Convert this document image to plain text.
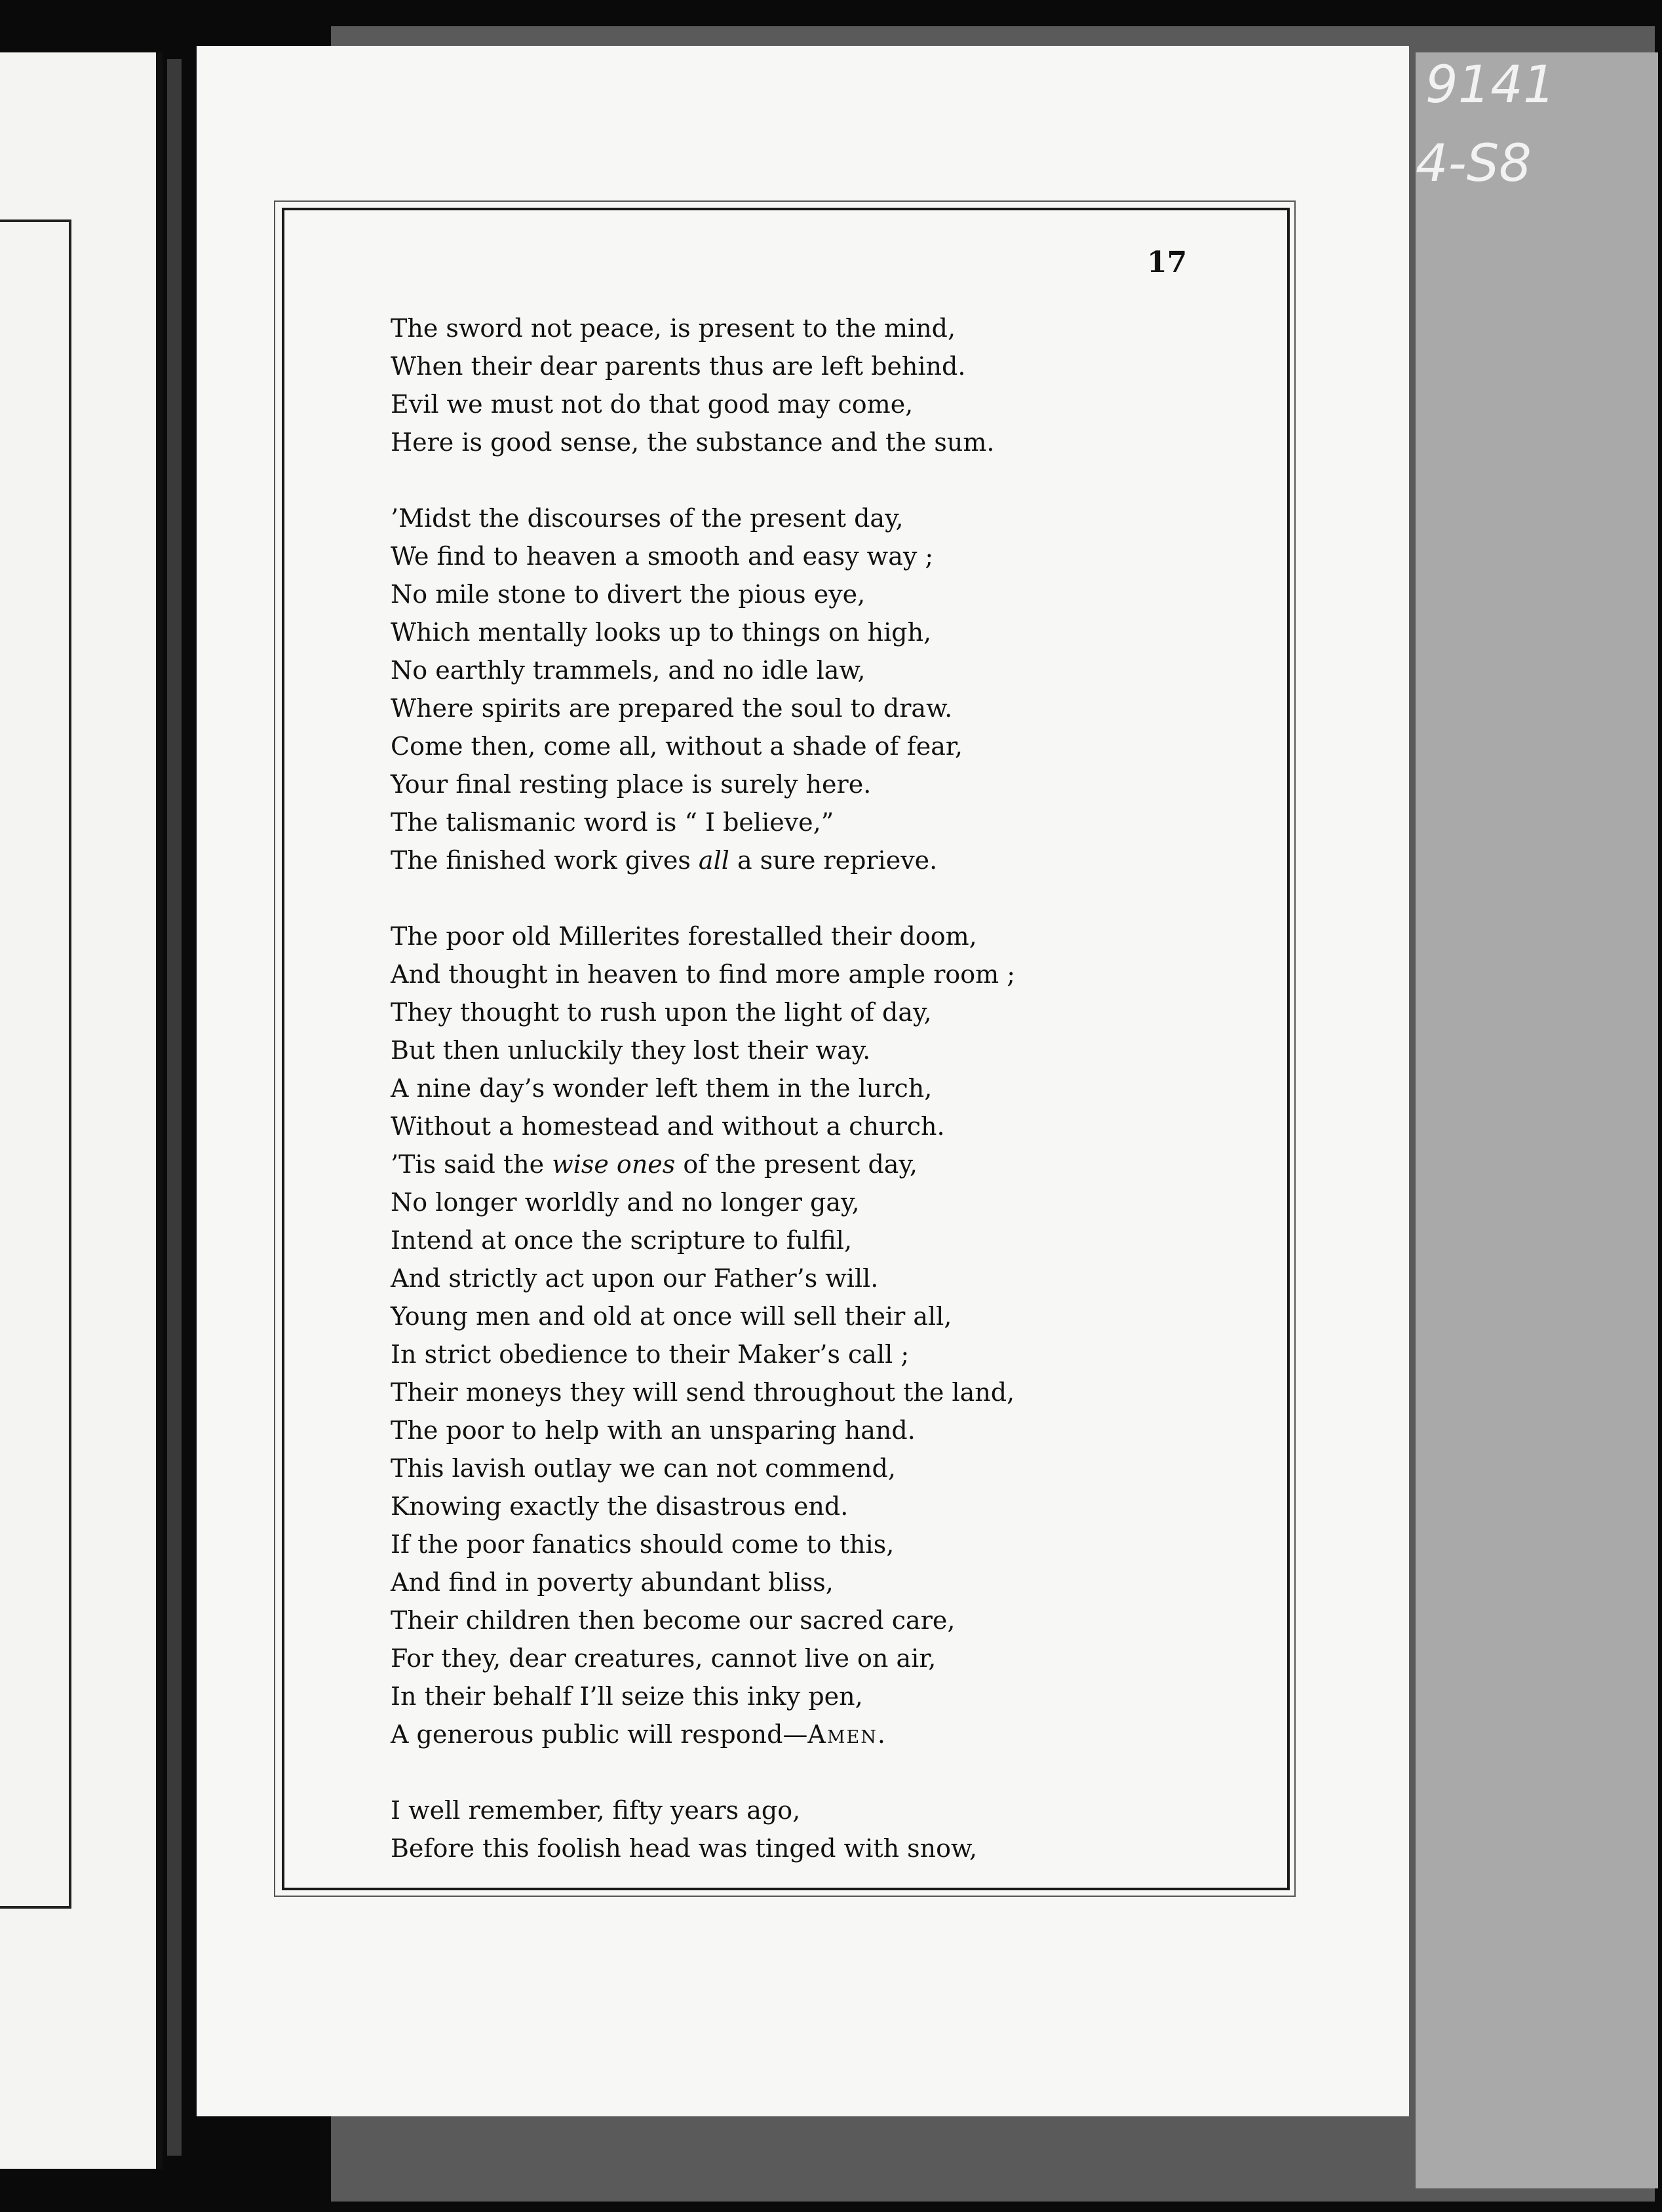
9141
4-S8
17
The sword not peace, is present to the mind,
When their dear parents thus are left behind.
Evil we must not do that good may come,
Here is good sense, the substance and the sum.
’Midst the discourses of the present day,
We find to heaven a smooth and easy way ;
No mile stone to divert the pious eye,
Which mentally looks up to things on high,
No earthly trammels, and no idle law,
Where spirits are prepared the soul to draw.
Come then, come all, without a shade of fear,
Your final resting place is surely here.
The talismanic word is “ I believe,”
The finished work gives all a sure reprieve.
The poor old Millerites forestalled their doom,
And thought in heaven to find more ample room ;
They thought to rush upon the light of day,
But then unluckily they lost their way.
A nine day’s wonder left them in the lurch,
Without a homestead and without a church.
’Tis said the wise ones of the present day,
No longer worldly and no longer gay,
Intend at once the scripture to fulfil,
And strictly act upon our Father’s will.
Young men and old at once will sell their all,
In strict obedience to their Maker’s call ;
Their moneys they will send throughout the land,
The poor to help with an unsparing hand.
This lavish outlay we can not commend,
Knowing exactly the disastrous end.
If the poor fanatics should come to this,
And find in poverty abundant bliss,
Their children then become our sacred care,
For they, dear creatures, cannot live on air,
In their behalf I’ll seize this inky pen,
A generous public will respond—Amen.
I well remember, fifty years ago,
Before this foolish head was tinged with snow,
